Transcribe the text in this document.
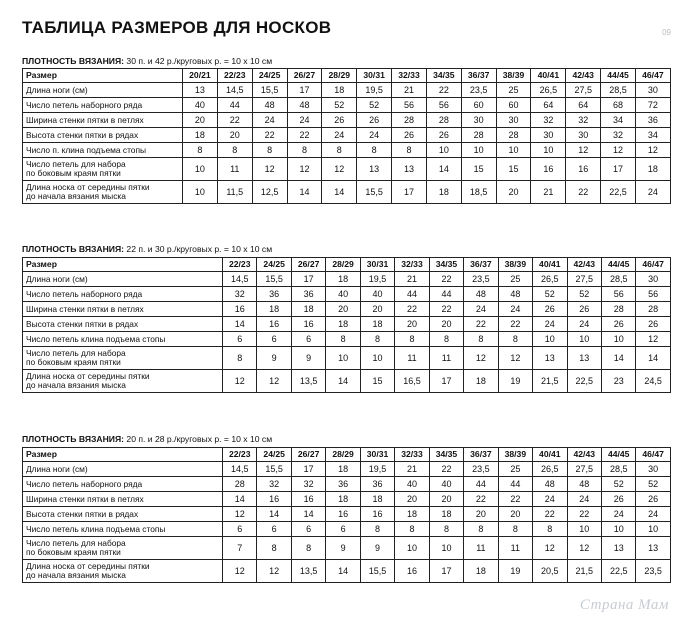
ТАБЛИЦА РАЗМЕРОВ ДЛЯ НОСКОВ	09
ПЛОТНОСТЬ ВЯЗАНИЯ: 30 п. и 42 р./круговых р. = 10 х 10 см
Размер	20/21	22/23	24/25	26/27	28/29	30/31	32/33	34/35	36/37	38/39	40/41	42/43	44/45	46/47

Длина ноги (см)	13	14,5	15,5	17	18	19,5	21	22	23,5	25	26,5	27,5	28,5	30

Число петель наборного ряда	40	44	48	48	52	52	56	56	60	60	64	64	68	72

Ширина стенки пятки в петлях	20	22	24	24	26	26	28	28	30	30	32	32	34	36

Высота стенки пятки в рядах	18	20	22	22	24	24	26	26	28	28	30	30	32	34

Число п. клина подъема стопы	8	8	8	8	8	8	8	10	10	10	10	12	12	12

Число петель для набора
по боковым краям пятки	10	11	12	12	12	13	13	14	15	15	16	16	17	18

Длина носка от середины пятки
до начала вязания мыска	10	11,5	12,5	14	14	15,5	17	18	18,5	20	21	22	22,5	24
ПЛОТНОСТЬ ВЯЗАНИЯ: 22 п. и 30 р./круговых р. = 10 х 10 см
Размер	22/23	24/25	26/27	28/29	30/31	32/33	34/35	36/37	38/39	40/41	42/43	44/45	46/47

Длина ноги (см)	14,5	15,5	17	18	19,5	21	22	23,5	25	26,5	27,5	28,5	30

Число петель наборного ряда	32	36	36	40	40	44	44	48	48	52	52	56	56

Ширина стенки пятки в петлях	16	18	18	20	20	22	22	24	24	26	26	28	28

Высота стенки пятки в рядах	14	16	16	18	18	20	20	22	22	24	24	26	26

Число петель клина подъема стопы	6	6	6	8	8	8	8	8	8	10	10	10	12

Число петель для набора
по боковым краям пятки	8	9	9	10	10	11	11	12	12	13	13	14	14

Длина носка от середины пятки
до начала вязания мыска	12	12	13,5	14	15	16,5	17	18	19	21,5	22,5	23	24,5
ПЛОТНОСТЬ ВЯЗАНИЯ: 20 п. и 28 р./круговых р. = 10 х 10 см
Размер	22/23	24/25	26/27	28/29	30/31	32/33	34/35	36/37	38/39	40/41	42/43	44/45	46/47

Длина ноги (см)	14,5	15,5	17	18	19,5	21	22	23,5	25	26,5	27,5	28,5	30

Число петель наборного ряда	28	32	32	36	36	40	40	44	44	48	48	52	52

Ширина стенки пятки в петлях	14	16	16	18	18	20	20	22	22	24	24	26	26

Высота стенки пятки в рядах	12	14	14	16	16	18	18	20	20	22	22	24	24

Число петель клина подъема стопы	6	6	6	6	8	8	8	8	8	8	10	10	10

Число петель для набора
по боковым краям пятки	7	8	8	9	9	10	10	11	11	12	12	13	13

Длина носка от середины пятки
до начала вязания мыска	12	12	13,5	14	15,5	16	17	18	19	20,5	21,5	22,5	23,5
Страна Мам
